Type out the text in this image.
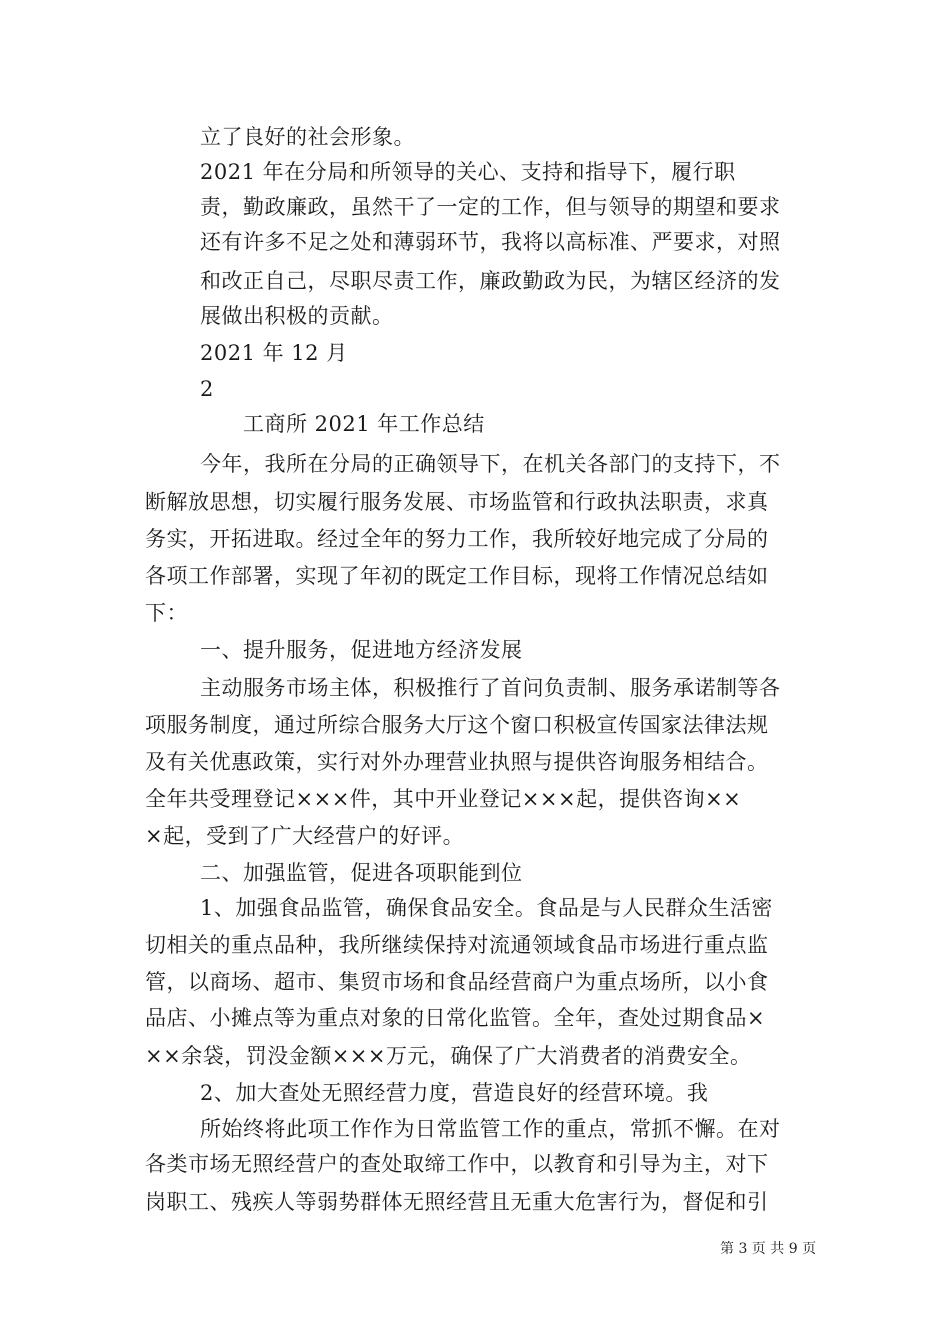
立了良好的社会形象。
2021 年在分局和所领导的关心、支持和指导下，履行职
责，勤政廉政，虽然干了一定的工作，但与领导的期望和要求
还有许多不足之处和薄弱环节，我将以高标准、严要求，对照
和改正自己，尽职尽责工作，廉政勤政为民，为辖区经济的发
展做出积极的贡献。
2021 年 12 月
2
工商所 2021 年工作总结
今年，我所在分局的正确领导下，在机关各部门的支持下，不
断解放思想，切实履行服务发展、市场监管和行政执法职责，求真
务实，开拓进取。经过全年的努力工作，我所较好地完成了分局的
各项工作部署，实现了年初的既定工作目标，现将工作情况总结如
下：
一、提升服务，促进地方经济发展
主动服务市场主体，积极推行了首问负责制、服务承诺制等各
项服务制度，通过所综合服务大厅这个窗口积极宣传国家法律法规
及有关优惠政策，实行对外办理营业执照与提供咨询服务相结合。
全年共受理登记×××件，其中开业登记×××起，提供咨询××
×起，受到了广大经营户的好评。
二、加强监管，促进各项职能到位
1、加强食品监管，确保食品安全。食品是与人民群众生活密
切相关的重点品种，我所继续保持对流通领域食品市场进行重点监
管，以商场、超市、集贸市场和食品经营商户为重点场所，以小食
品店、小摊点等为重点对象的日常化监管。全年，查处过期食品×
××余袋，罚没金额×××万元，确保了广大消费者的消费安全。
2、加大查处无照经营力度，营造良好的经营环境。我
所始终将此项工作作为日常监管工作的重点，常抓不懈。在对
各类市场无照经营户的查处取缔工作中，以教育和引导为主，对下
岗职工、残疾人等弱势群体无照经营且无重大危害行为，督促和引
第 3 页 共 9 页
